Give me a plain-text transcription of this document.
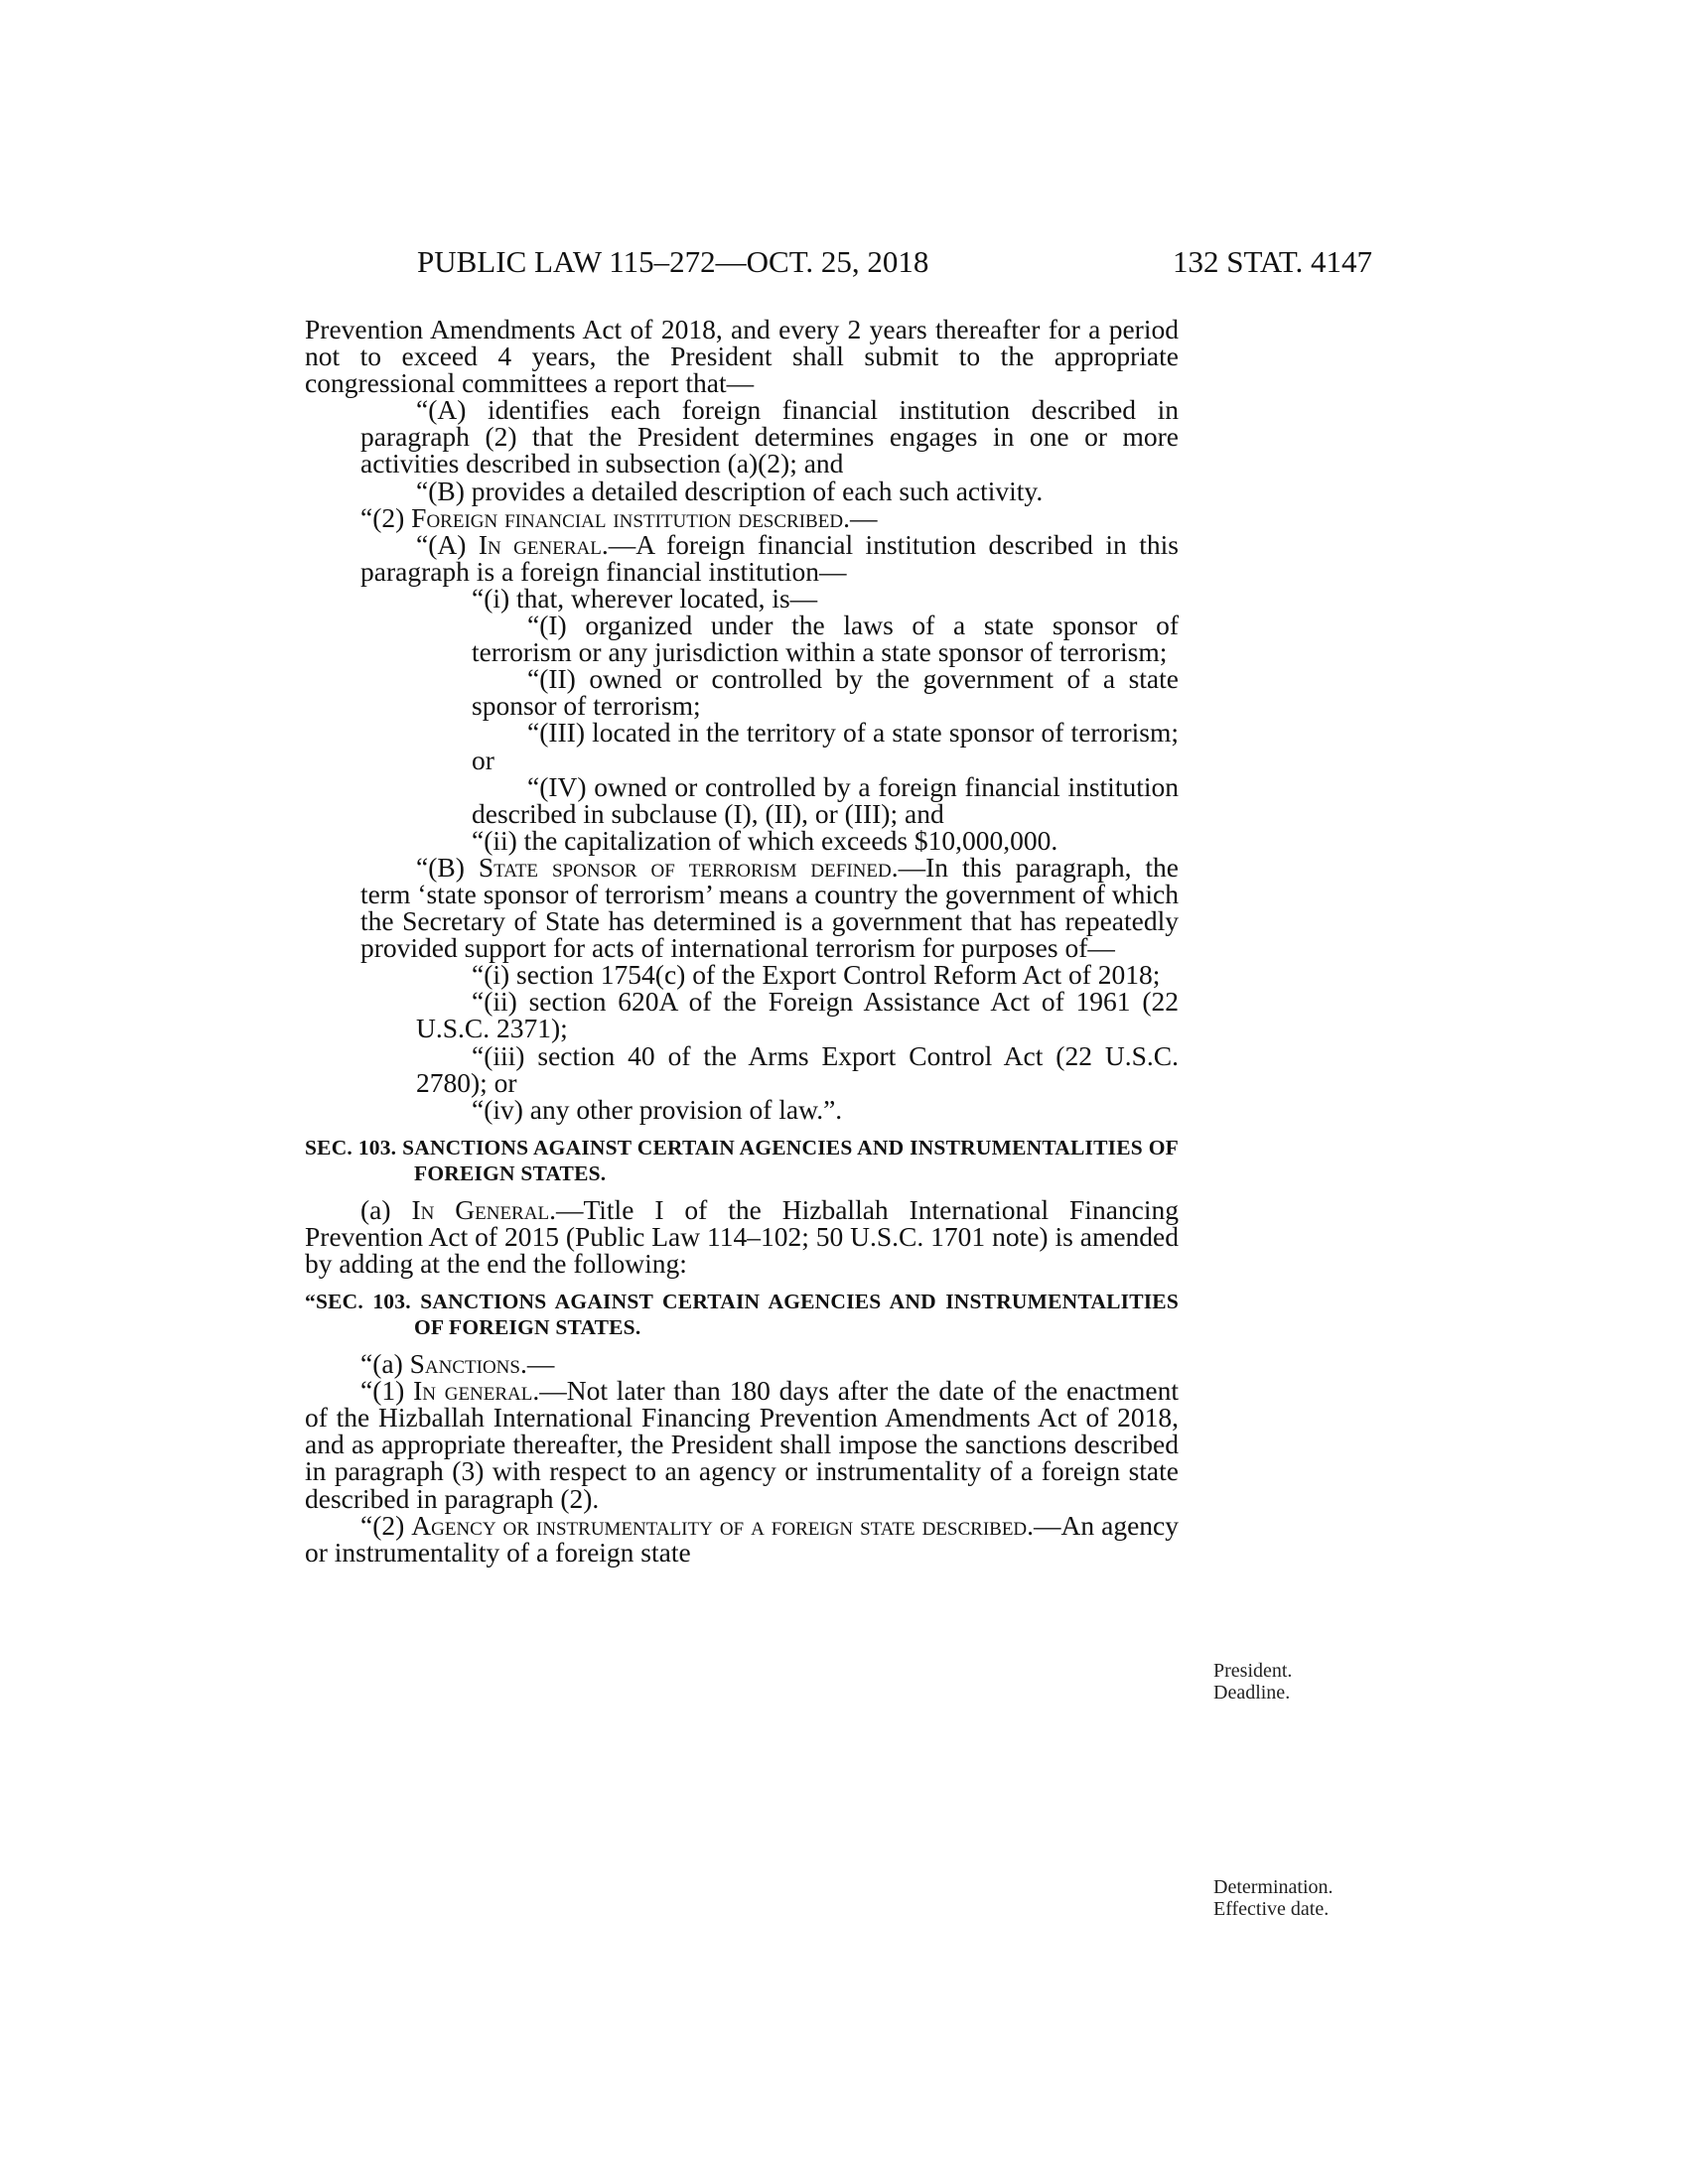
PUBLIC LAW 115–272—OCT. 25, 2018	132 STAT. 4147

Prevention Amendments Act of 2018, and every 2 years thereafter for a period not to exceed 4 years, the President shall submit to the appropriate congressional committees a report that—

“(A) identifies each foreign financial institution described in paragraph (2) that the President determines engages in one or more activities described in subsection (a)(2); and

“(B) provides a detailed description of each such activity.

“(2) Foreign financial institution described.—

“(A) In general.—A foreign financial institution described in this paragraph is a foreign financial institution—

“(i) that, wherever located, is—

“(I) organized under the laws of a state sponsor of terrorism or any jurisdiction within a state sponsor of terrorism;

“(II) owned or controlled by the government of a state sponsor of terrorism;

“(III) located in the territory of a state sponsor of terrorism; or

“(IV) owned or controlled by a foreign financial institution described in subclause (I), (II), or (III); and

“(ii) the capitalization of which exceeds $10,000,000.

“(B) State sponsor of terrorism defined.—In this paragraph, the term ‘state sponsor of terrorism’ means a country the government of which the Secretary of State has determined is a government that has repeatedly provided support for acts of international terrorism for purposes of—

“(i) section 1754(c) of the Export Control Reform Act of 2018;

“(ii) section 620A of the Foreign Assistance Act of 1961 (22 U.S.C. 2371);

“(iii) section 40 of the Arms Export Control Act (22 U.S.C. 2780); or

“(iv) any other provision of law.”.

SEC. 103. SANCTIONS AGAINST CERTAIN AGENCIES AND INSTRUMENTALITIES OF FOREIGN STATES.

(a) In General.—Title I of the Hizballah International Financing Prevention Act of 2015 (Public Law 114–102; 50 U.S.C. 1701 note) is amended by adding at the end the following:

“SEC. 103. SANCTIONS AGAINST CERTAIN AGENCIES AND INSTRUMENTALITIES OF FOREIGN STATES.

“(a) Sanctions.—

“(1) In general.—Not later than 180 days after the date of the enactment of the Hizballah International Financing Prevention Amendments Act of 2018, and as appropriate thereafter, the President shall impose the sanctions described in paragraph (3) with respect to an agency or instrumentality of a foreign state described in paragraph (2).

“(2) Agency or instrumentality of a foreign state described.—An agency or instrumentality of a foreign state

President.
Deadline.
Determination.
Effective date.
